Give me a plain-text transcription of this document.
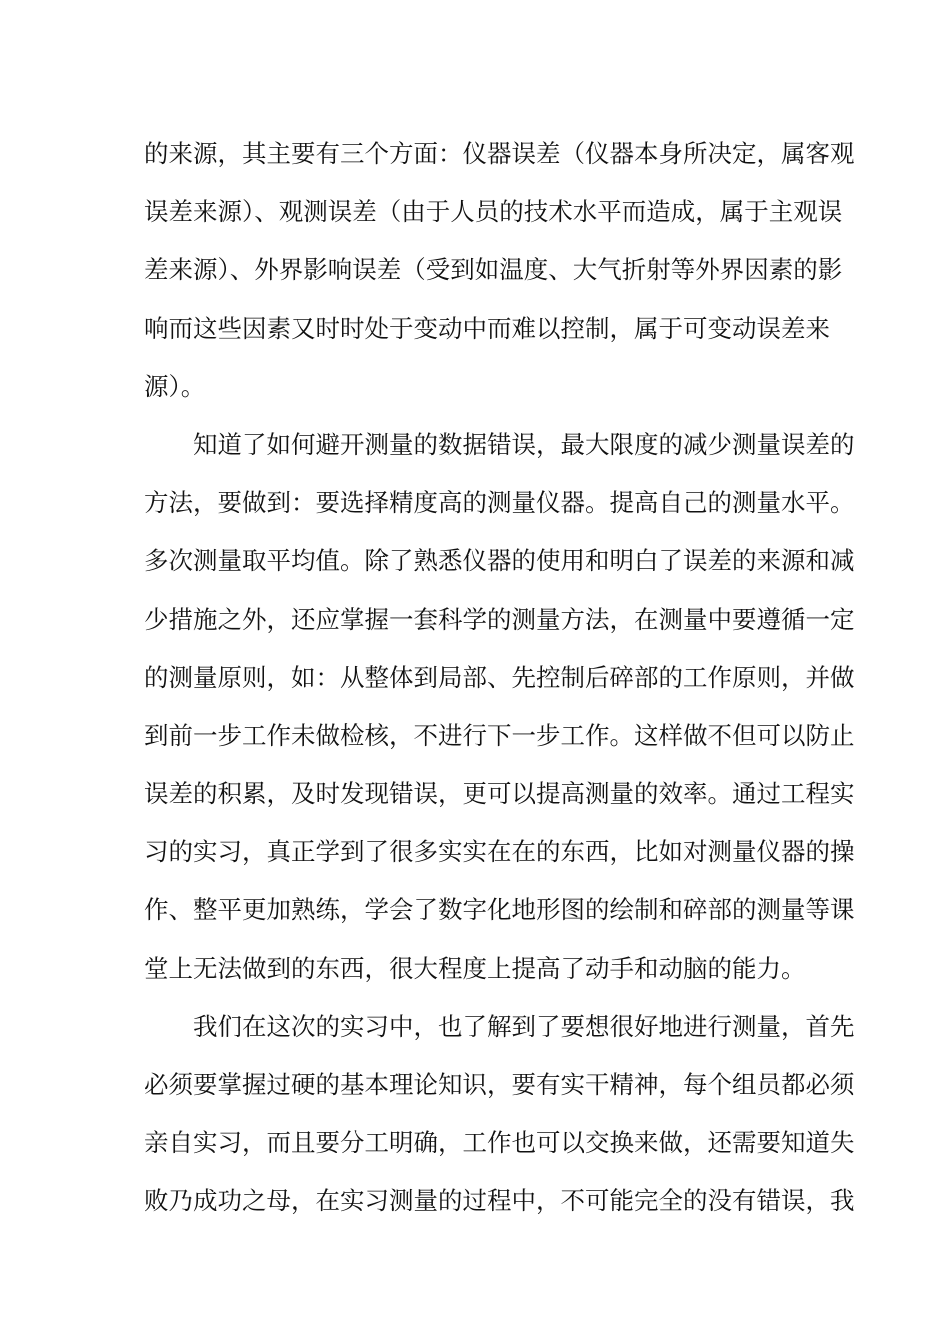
的来源，其主要有三个方面：仪器误差（仪器本身所决定，属客观
误差来源）、观测误差（由于人员的技术水平而造成，属于主观误
差来源）、外界影响误差（受到如温度、大气折射等外界因素的影
响而这些因素又时时处于变动中而难以控制，属于可变动误差来
源）。
知道了如何避开测量的数据错误，最大限度的减少测量误差的
方法，要做到：要选择精度高的测量仪器。提高自己的测量水平。
多次测量取平均值。除了熟悉仪器的使用和明白了误差的来源和减
少措施之外，还应掌握一套科学的测量方法，在测量中要遵循一定
的测量原则，如：从整体到局部、先控制后碎部的工作原则，并做
到前一步工作未做检核，不进行下一步工作。这样做不但可以防止
误差的积累，及时发现错误，更可以提高测量的效率。通过工程实
习的实习，真正学到了很多实实在在的东西，比如对测量仪器的操
作、整平更加熟练，学会了数字化地形图的绘制和碎部的测量等课
堂上无法做到的东西，很大程度上提高了动手和动脑的能力。
我们在这次的实习中，也了解到了要想很好地进行测量，首先
必须要掌握过硬的基本理论知识，要有实干精神，每个组员都必须
亲自实习，而且要分工明确，工作也可以交换来做，还需要知道失
败乃成功之母，在实习测量的过程中，不可能完全的没有错误，我
